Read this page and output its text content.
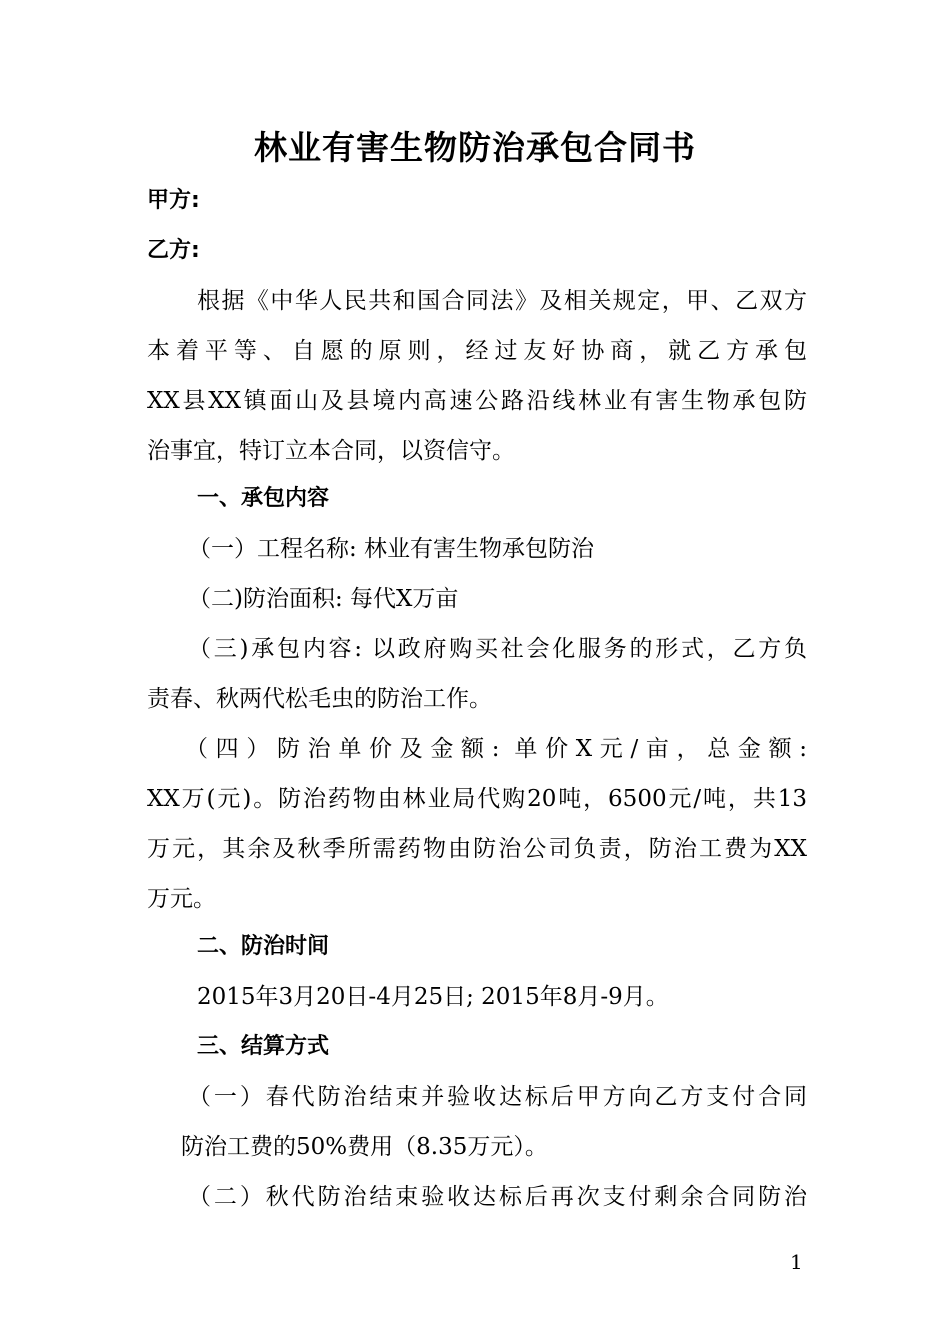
林业有害生物防治承包合同书
甲方:
乙方:
根据《中华人民共和国合同法》及相关规定，甲、乙双方
本着平等、自愿的原则，经过友好协商，就乙方承包
XX县XX镇面山及县境内高速公路沿线林业有害生物承包防
治事宜，特订立本合同，以资信守。
一、承包内容
（一）工程名称: 林业有害生物承包防治
（二)防治面积: 每代X万亩
（三)承包内容: 以政府购买社会化服务的形式，乙方负
责春、秋两代松毛虫的防治工作。
（四）防治单价及金额: 单价X元/亩，总金额:
XX万(元)。防治药物由林业局代购20吨，6500元/吨，共13
万元，其余及秋季所需药物由防治公司负责，防治工费为XX
万元。
二、防治时间
2015年3月20日-4月25日; 2015年8月-9月。
三、结算方式
（一）春代防治结束并验收达标后甲方向乙方支付合同
防治工费的50%费用（8.35万元）。
（二）秋代防治结束验收达标后再次支付剩余合同防治
1
